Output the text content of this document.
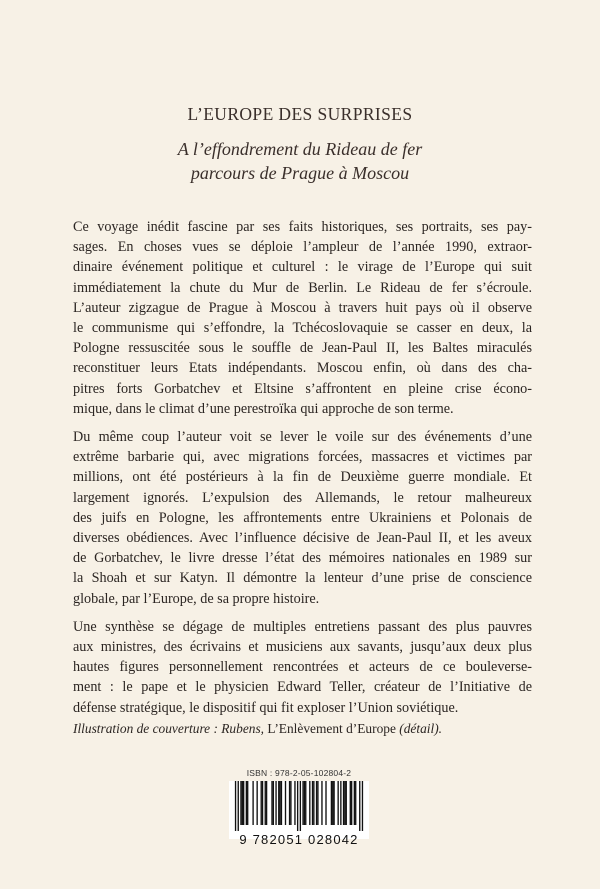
L’EUROPE DES SURPRISES
A l’effondrement du Rideau de fer
parcours de Prague à Moscou
Ce voyage inédit fascine par ses faits historiques, ses portraits, ses pay-
sages. En choses vues se déploie l’ampleur de l’année 1990, extraor-
dinaire événement politique et culturel : le virage de l’Europe qui suit
immédiatement la chute du Mur de Berlin. Le Rideau de fer s’écroule.
L’auteur zigzague de Prague à Moscou à travers huit pays où il observe
le communisme qui s’effondre, la Tchécoslovaquie se casser en deux, la
Pologne ressuscitée sous le souffle de Jean-Paul II, les Baltes miraculés
reconstituer leurs Etats indépendants. Moscou enfin, où dans des cha-
pitres forts Gorbatchev et Eltsine s’affrontent en pleine crise écono-
mique, dans le climat d’une perestroïka qui approche de son terme.
Du même coup l’auteur voit se lever le voile sur des événements d’une
extrême barbarie qui, avec migrations forcées, massacres et victimes par
millions, ont été postérieurs à la fin de Deuxième guerre mondiale. Et
largement ignorés. L’expulsion des Allemands, le retour malheureux
des juifs en Pologne, les affrontements entre Ukrainiens et Polonais de
diverses obédiences. Avec l’influence décisive de Jean-Paul II, et les aveux
de Gorbatchev, le livre dresse l’état des mémoires nationales en 1989 sur
la Shoah et sur Katyn. Il démontre la lenteur d’une prise de conscience
globale, par l’Europe, de sa propre histoire.
Une synthèse se dégage de multiples entretiens passant des plus pauvres
aux ministres, des écrivains et musiciens aux savants, jusqu’aux deux plus
hautes figures personnellement rencontrées et acteurs de ce bouleverse-
ment : le pape et le physicien Edward Teller, créateur de l’Initiative de
défense stratégique, le dispositif qui fit exploser l’Union soviétique.
Illustration de couverture : Rubens, L’Enlèvement d’Europe (détail).
ISBN : 978-2-05-102804-2
9 782051 028042
